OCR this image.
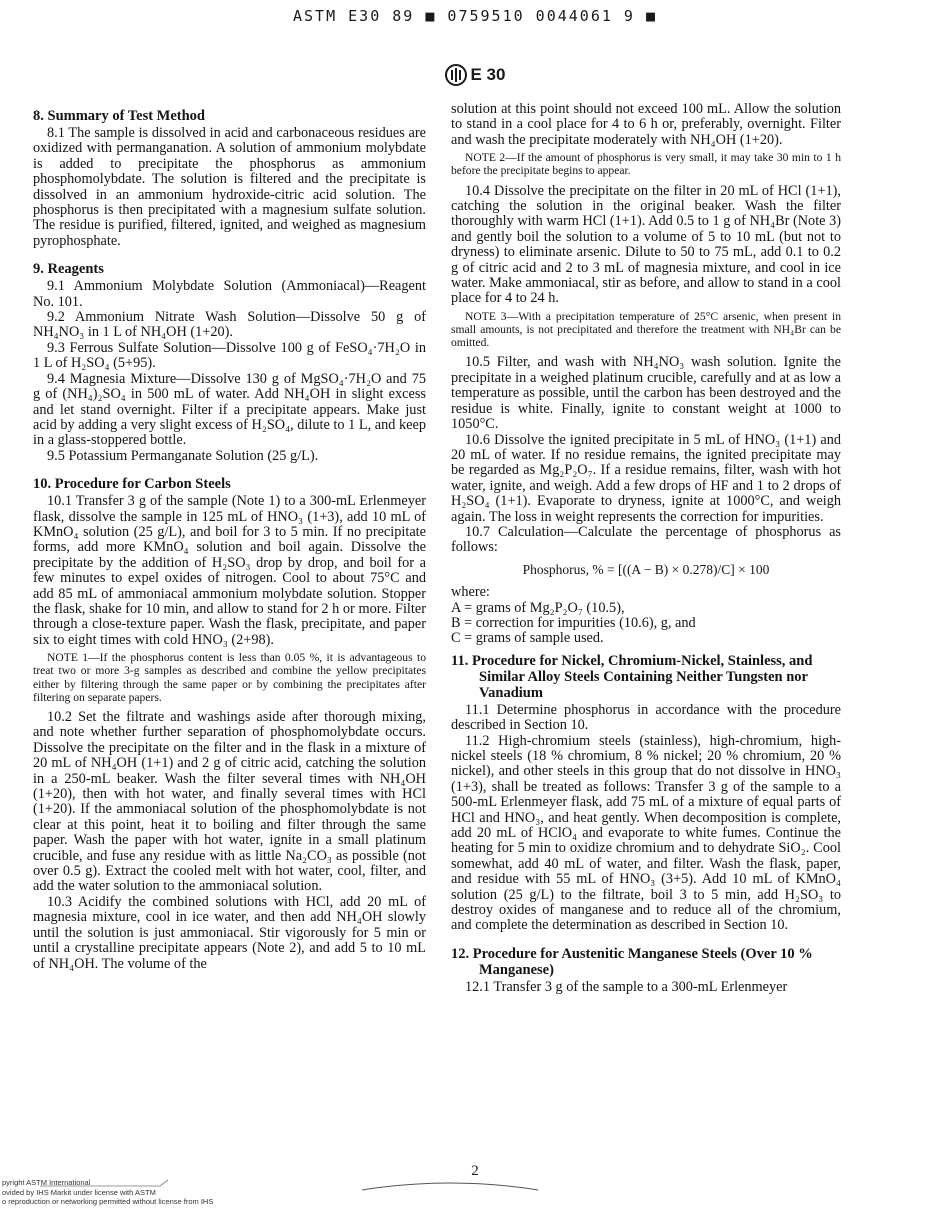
ASTM E30 89 ■ 0759510 0044061 9 ■
E 30
8. Summary of Test Method

8.1 The sample is dissolved in acid and carbonaceous residues are oxidized with permanganation. A solution of ammonium molybdate is added to precipitate the phosphorus as ammonium phosphomolybdate. The solution is filtered and the precipitate is dissolved in an ammonium hydroxide-citric acid solution. The phosphorus is then precipitated with a magnesium sulfate solution. The residue is purified, filtered, ignited, and weighed as magnesium pyrophosphate.

9. Reagents

9.1 Ammonium Molybdate Solution (Ammoniacal)—Reagent No. 101.

9.2 Ammonium Nitrate Wash Solution—Dissolve 50 g of NH₄NO₃ in 1 L of NH₄OH (1+20).

9.3 Ferrous Sulfate Solution—Dissolve 100 g of FeSO₄·7H₂O in 1 L of H₂SO₄ (5+95).

9.4 Magnesia Mixture—Dissolve 130 g of MgSO₄·7H₂O and 75 g of (NH₄)₂SO₄ in 500 mL of water. Add NH₄OH in slight excess and let stand overnight. Filter if a precipitate appears. Make just acid by adding a very slight excess of H₂SO₄, dilute to 1 L, and keep in a glass-stoppered bottle.

9.5 Potassium Permanganate Solution (25 g/L).

10. Procedure for Carbon Steels

10.1 Transfer 3 g of the sample (Note 1) to a 300-mL Erlenmeyer flask, dissolve the sample in 125 mL of HNO₃ (1+3), add 10 mL of KMnO₄ solution (25 g/L), and boil for 3 to 5 min. If no precipitate forms, add more KMnO₄ solution and boil again. Dissolve the precipitate by the addition of H₂SO₃ drop by drop, and boil for a few minutes to expel oxides of nitrogen. Cool to about 75°C and add 85 mL of ammoniacal ammonium molybdate solution. Stopper the flask, shake for 10 min, and allow to stand for 2 h or more. Filter through a close-texture paper. Wash the flask, precipitate, and paper six to eight times with cold HNO₃ (2+98).

NOTE 1—If the phosphorus content is less than 0.05 %, it is advantageous to treat two or more 3-g samples as described and combine the yellow precipitates either by filtering through the same paper or by combining the precipitates after filtering on separate papers.

10.2 Set the filtrate and washings aside after thorough mixing, and note whether further separation of phosphomolybdate occurs. Dissolve the precipitate on the filter and in the flask in a mixture of 20 mL of NH₄OH (1+1) and 2 g of citric acid, catching the solution in a 250-mL beaker. Wash the filter several times with NH₄OH (1+20), then with hot water, and finally several times with HCl (1+20). If the ammoniacal solution of the phosphomolybdate is not clear at this point, heat it to boiling and filter through the same paper. Wash the paper with hot water, ignite in a small platinum crucible, and fuse any residue with as little Na₂CO₃ as possible (not over 0.5 g). Extract the cooled melt with hot water, cool, filter, and add the water solution to the ammoniacal solution.

10.3 Acidify the combined solutions with HCl, add 20 mL of magnesia mixture, cool in ice water, and then add NH₄OH slowly until the solution is just ammoniacal. Stir vigorously for 5 min or until a crystalline precipitate appears (Note 2), and add 5 to 10 mL of NH₄OH. The volume of the

solution at this point should not exceed 100 mL. Allow the solution to stand in a cool place for 4 to 6 h or, preferably, overnight. Filter and wash the precipitate moderately with NH₄OH (1+20).

NOTE 2—If the amount of phosphorus is very small, it may take 30 min to 1 h before the precipitate begins to appear.

10.4 Dissolve the precipitate on the filter in 20 mL of HCl (1+1), catching the solution in the original beaker. Wash the filter thoroughly with warm HCl (1+1). Add 0.5 to 1 g of NH₄Br (Note 3) and gently boil the solution to a volume of 5 to 10 mL (but not to dryness) to eliminate arsenic. Dilute to 50 to 75 mL, add 0.1 to 0.2 g of citric acid and 2 to 3 mL of magnesia mixture, and cool in ice water. Make ammoniacal, stir as before, and allow to stand in a cool place for 4 to 24 h.

NOTE 3—With a precipitation temperature of 25°C arsenic, when present in small amounts, is not precipitated and therefore the treatment with NH₄Br can be omitted.

10.5 Filter, and wash with NH₄NO₃ wash solution. Ignite the precipitate in a weighed platinum crucible, carefully and at as low a temperature as possible, until the carbon has been destroyed and the residue is white. Finally, ignite to constant weight at 1000 to 1050°C.

10.6 Dissolve the ignited precipitate in 5 mL of HNO₃ (1+1) and 20 mL of water. If no residue remains, the ignited precipitate may be regarded as Mg₂P₂O₇. If a residue remains, filter, wash with hot water, ignite, and weigh. Add a few drops of HF and 1 to 2 drops of H₂SO₄ (1+1). Evaporate to dryness, ignite at 1000°C, and weigh again. The loss in weight represents the correction for impurities.

10.7 Calculation—Calculate the percentage of phosphorus as follows:

Phosphorus, % = [((A − B) × 0.278)/C] × 100

where:

A = grams of Mg₂P₂O₇ (10.5),

B = correction for impurities (10.6), g, and

C = grams of sample used.

11. Procedure for Nickel, Chromium-Nickel, Stainless, and Similar Alloy Steels Containing Neither Tungsten nor Vanadium

11.1 Determine phosphorus in accordance with the procedure described in Section 10.

11.2 High-chromium steels (stainless), high-chromium, high-nickel steels (18 % chromium, 8 % nickel; 20 % chromium, 20 % nickel), and other steels in this group that do not dissolve in HNO₃ (1+3), shall be treated as follows: Transfer 3 g of the sample to a 500-mL Erlenmeyer flask, add 75 mL of a mixture of equal parts of HCl and HNO₃, and heat gently. When decomposition is complete, add 20 mL of HClO₄ and evaporate to white fumes. Continue the heating for 5 min to oxidize chromium and to dehydrate SiO₂. Cool somewhat, add 40 mL of water, and filter. Wash the flask, paper, and residue with 55 mL of HNO₃ (3+5). Add 10 mL of KMnO₄ solution (25 g/L) to the filtrate, boil 3 to 5 min, add H₂SO₃ to destroy oxides of manganese and to reduce all of the chromium, and complete the determination as described in Section 10.

12. Procedure for Austenitic Manganese Steels (Over 10 % Manganese)

12.1 Transfer 3 g of the sample to a 300-mL Erlenmeyer

2
pyright ASTM International
ovided by IHS Markit under license with ASTM
o reproduction or networking permitted without license from IHS
